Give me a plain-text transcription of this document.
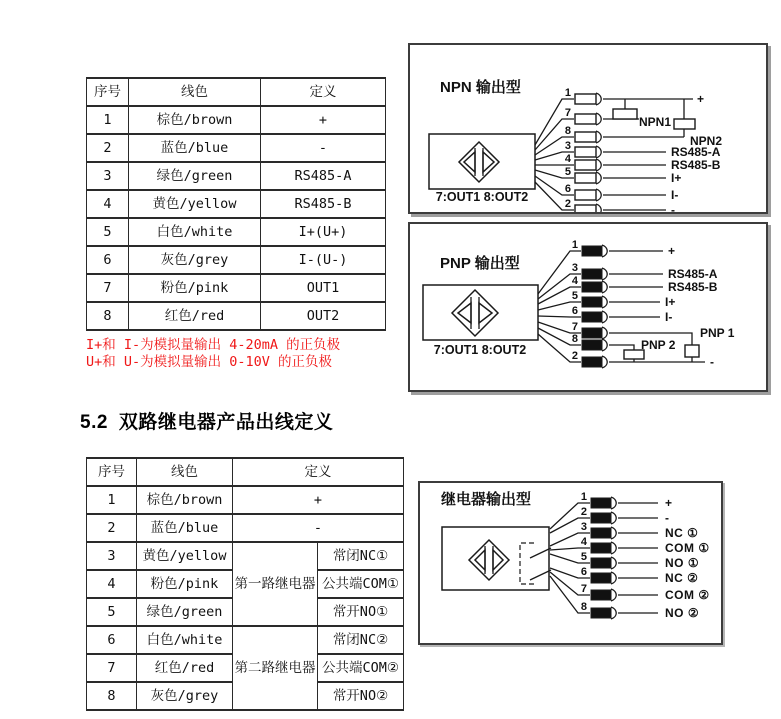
序号	线色	定义
1	棕色/brown	+
2	蓝色/blue	-
3	绿色/green	RS485-A
4	黄色/yellow	RS485-B
5	白色/white	I+(U+)
6	灰色/grey	I-(U-)
7	粉色/pink	OUT1
8	红色/red	OUT2
I+和 I-为模拟量输出 4-20mA 的正负极
U+和 U-为模拟量输出 0-10V 的正负极
5.2 双路继电器产品出线定义
序号	线色	定义	
1	棕色/brown	+	
2	蓝色/blue	-	
3	黄色/yellow	第一路继电器	常闭NC①
4	粉色/pink		公共端COM①
5	绿色/green		常开NO①
6	白色/white	第二路继电器	常闭NC②
7	红色/red		公共端COM②
8	灰色/grey		常开NO②
NPN 输出型
7:OUT1 8:OUT2
1	+
7
NPN1
8
NPN2
3	RS485-A
4	RS485-B
5	I+
6	I-
2	-
PNP 输出型
7:OUT1 8:OUT2
1	+
3	RS485-A
4	RS485-B
5	I+
6	I-
7	PNP 1
8	PNP 2
2	-
继电器输出型	1	+
2	-
3	NC ①
4	COM ①
5	NO ①
6	NC ②
7	COM ②
8	NO ②
